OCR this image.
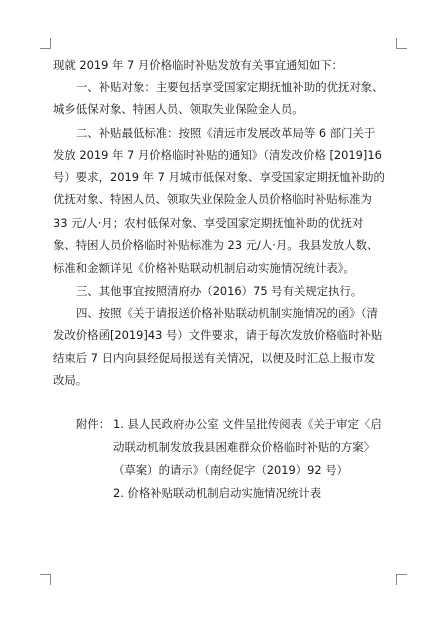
现就 2019 年 7 月价格临时补贴发放有关事宜通知如下：
一、补贴对象：主要包括享受国家定期抚恤补助的优抚对象、
城乡低保对象、特困人员、领取失业保险金人员。
二、补贴最低标准：按照《清远市发展改革局等 6 部门关于
发放 2019 年 7 月价格临时补贴的通知》（清发改价格 [2019]16
号）要求，2019 年 7 月城市低保对象、享受国家定期抚恤补助的
优抚对象、特困人员、领取失业保险金人员价格临时补贴标准为
33 元/人·月；农村低保对象、享受国家定期抚恤补助的优抚对
象、特困人员价格临时补贴标准为 23 元/人·月。我县发放人数、
标准和金额详见《价格补贴联动机制启动实施情况统计表》。
三、其他事宜按照清府办（2016）75 号有关规定执行。
四、按照《关于请报送价格补贴联动机制实施情况的函》（清
发改价格函[2019]43 号）文件要求，请于每次发放价格临时补贴
结束后 7 日内向县经促局报送有关情况，以便及时汇总上报市发
改局。
附件： 1. 县人民政府办公室 文件呈批传阅表《关于审定〈启
动联动机制发放我县困难群众价格临时补贴的方案〉
（草案）的请示》（南经促字（2019）92 号）
2. 价格补贴联动机制启动实施情况统计表
